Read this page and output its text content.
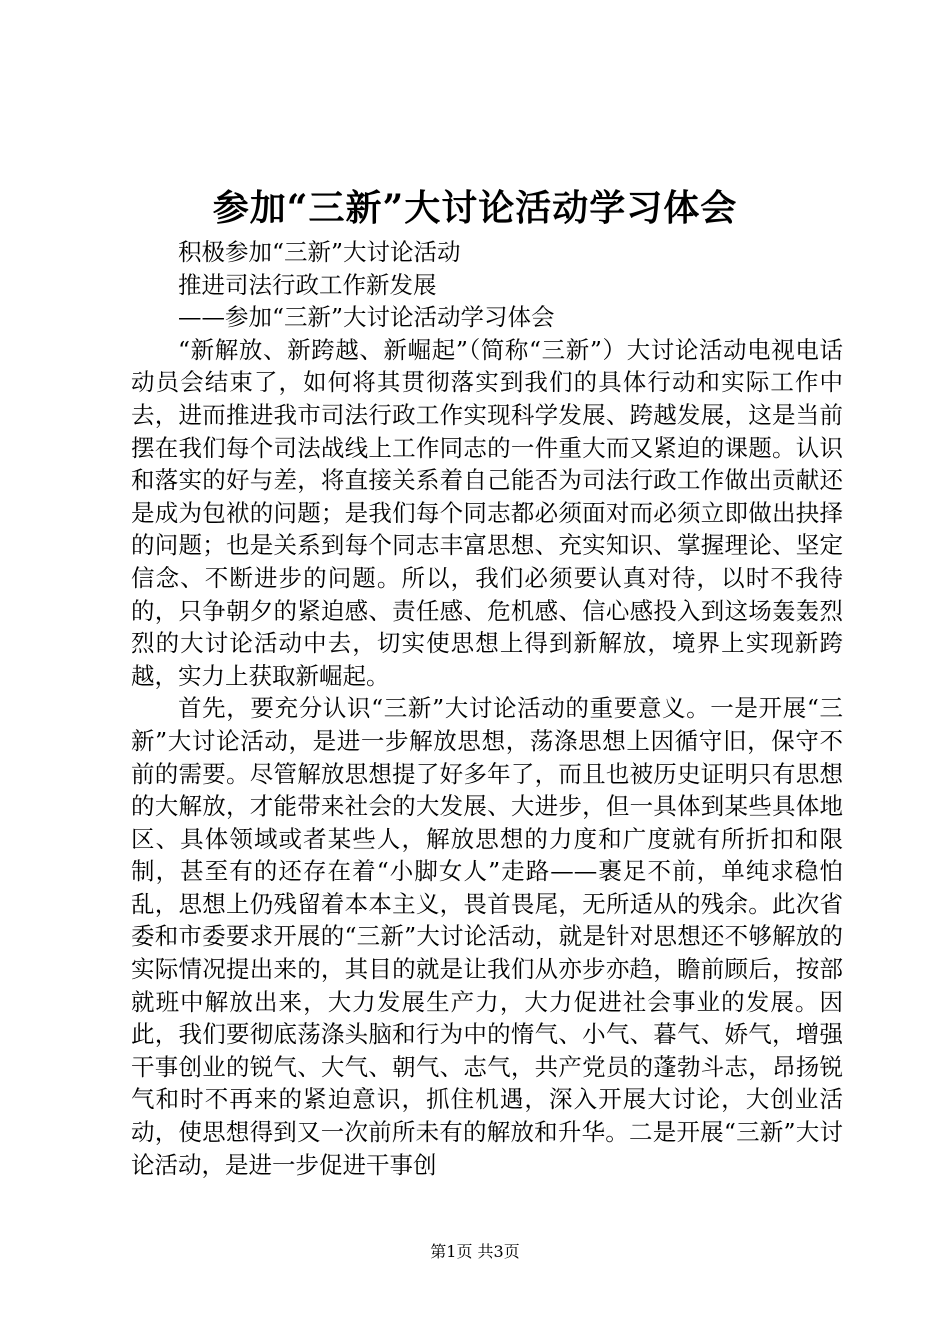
参加“三新”大讨论活动学习体会

积极参加“三新”大讨论活动

推进司法行政工作新发展

——参加“三新”大讨论活动学习体会

“新解放、新跨越、新崛起”（简称“三新”）大讨论活动电视电话动员会结束了，如何将其贯彻落实到我们的具体行动和实际工作中去，进而推进我市司法行政工作实现科学发展、跨越发展，这是当前摆在我们每个司法战线上工作同志的一件重大而又紧迫的课题。认识和落实的好与差，将直接关系着自己能否为司法行政工作做出贡献还是成为包袱的问题；是我们每个同志都必须面对而必须立即做出抉择的问题；也是关系到每个同志丰富思想、充实知识、掌握理论、坚定信念、不断进步的问题。所以，我们必须要认真对待，以时不我待的，只争朝夕的紧迫感、责任感、危机感、信心感投入到这场轰轰烈烈的大讨论活动中去，切实使思想上得到新解放，境界上实现新跨越，实力上获取新崛起。

首先，要充分认识“三新”大讨论活动的重要意义。一是开展“三新”大讨论活动，是进一步解放思想，荡涤思想上因循守旧，保守不前的需要。尽管解放思想提了好多年了，而且也被历史证明只有思想的大解放，才能带来社会的大发展、大进步，但一具体到某些具体地区、具体领域或者某些人，解放思想的力度和广度就有所折扣和限制，甚至有的还存在着“小脚女人”走路——裹足不前，单纯求稳怕乱，思想上仍残留着本本主义，畏首畏尾，无所适从的残余。此次省委和市委要求开展的“三新”大讨论活动，就是针对思想还不够解放的实际情况提出来的，其目的就是让我们从亦步亦趋，瞻前顾后，按部就班中解放出来，大力发展生产力，大力促进社会事业的发展。因此，我们要彻底荡涤头脑和行为中的惰气、小气、暮气、娇气，增强干事创业的锐气、大气、朝气、志气，共产党员的蓬勃斗志，昂扬锐气和时不再来的紧迫意识，抓住机遇，深入开展大讨论，大创业活动，使思想得到又一次前所未有的解放和升华。二是开展“三新”大讨论活动，是进一步促进干事创

第1页 共3页
